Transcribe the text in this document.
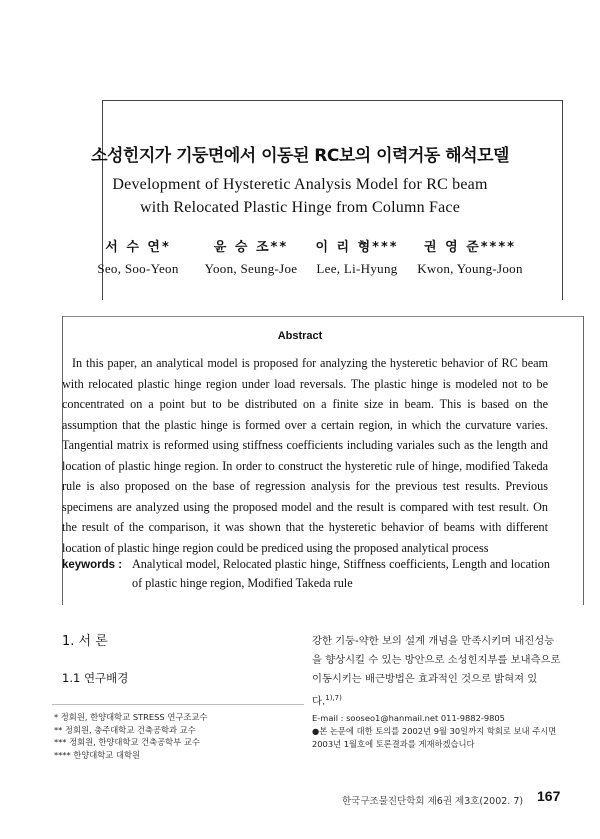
소성힌지가 기둥면에서 이동된 RC보의 이력거동 해석모델
Development of Hysteretic Analysis Model for RC beam
with Relocated Plastic Hinge from Column Face
서 수 연*
Seo, Soo-Yeon
윤 승 조**
Yoon, Seung-Joe
이 리 형***
Lee, Li-Hyung
권 영 준****
Kwon, Young-Joon
Abstract
In this paper, an analytical model is proposed for analyzing the hysteretic behavior of RC beam with relocated plastic hinge region under load reversals. The plastic hinge is modeled not to be concentrated on a point but to be distributed on a finite size in beam. This is based on the assumption that the plastic hinge is formed over a certain region, in which the curvature varies. Tangential matrix is reformed using stiffness coefficients including variales such as the length and location of plastic hinge region. In order to construct the hysteretic rule of hinge, modified Takeda rule is also proposed on the base of regression analysis for the previous test results. Previous specimens are analyzed using the proposed model and the result is compared with test result. On the result of the comparison, it was shown that the hysteretic behavior of beams with different location of plastic hinge region could be prediced using the proposed analytical process
keywords : Analytical model, Relocated plastic hinge, Stiffness coefficients, Length and location of plastic hinge region, Modified Takeda rule
1. 서 론
1.1 연구배경
강한 기둥-약한 보의 설계 개념을 만족시키며 내진성능을 향상시킬 수 있는 방안으로 소성힌지부를 보내측으로 이동시키는 배근방법은 효과적인 것으로 밝혀져 있다.$^{1),7)}$
* 정회원, 한양대학교 STRESS 연구조교수
** 정회원, 충주대학교 건축공학과 교수
*** 정회원, 한양대학교 건축공학부 교수
**** 한양대학교 대학원
E-mail : sooseo1@hanmail.net 011-9882-9805
●본 논문에 대한 토의를 2002년 9월 30일까지 학회로 보내 주시면 2003년 1월호에 토론결과를 게재하겠습니다
한국구조물진단학회 제6권 제3호(2002. 7) 167
